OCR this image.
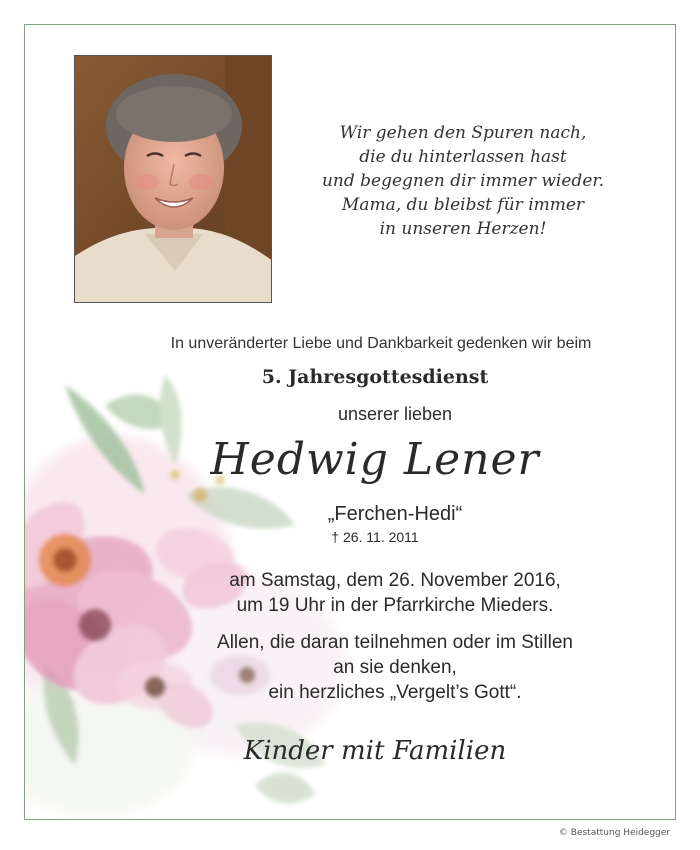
Wir gehen den Spuren nach,
die du hinterlassen hast
und begegnen dir immer wieder.
Mama, du bleibst für immer
in unseren Herzen!
In unveränderter Liebe und Dankbarkeit gedenken wir beim
5. Jahresgottesdienst
unserer lieben
Hedwig Lener
„Ferchen-Hedi“
† 26. 11. 2011
am Samstag, dem 26. November 2016,
um 19 Uhr in der Pfarrkirche Mieders.
Allen, die daran teilnehmen oder im Stillen
an sie denken,
ein herzliches „Vergelt’s Gott“.
Kinder mit Familien
© Bestattung Heidegger
